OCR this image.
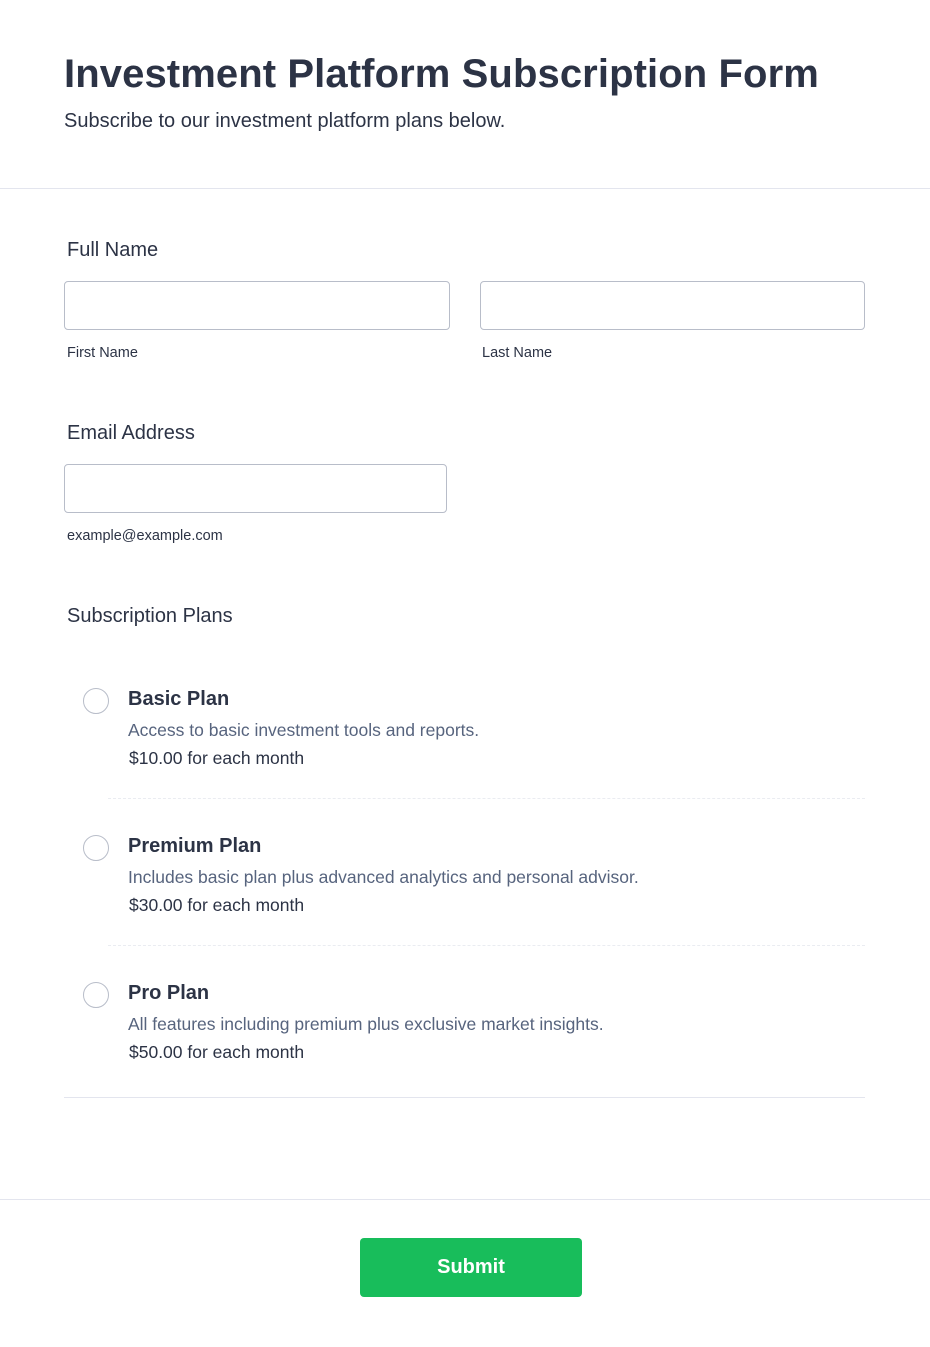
Investment Platform Subscription Form
Subscribe to our investment platform plans below.
Full Name
First Name	Last Name
Email Address
example@example.com
Subscription Plans
Basic Plan
Access to basic investment tools and reports.
$10.00 for each month
Premium Plan
Includes basic plan plus advanced analytics and personal advisor.
$30.00 for each month
Pro Plan
All features including premium plus exclusive market insights.
$50.00 for each month
Submit
